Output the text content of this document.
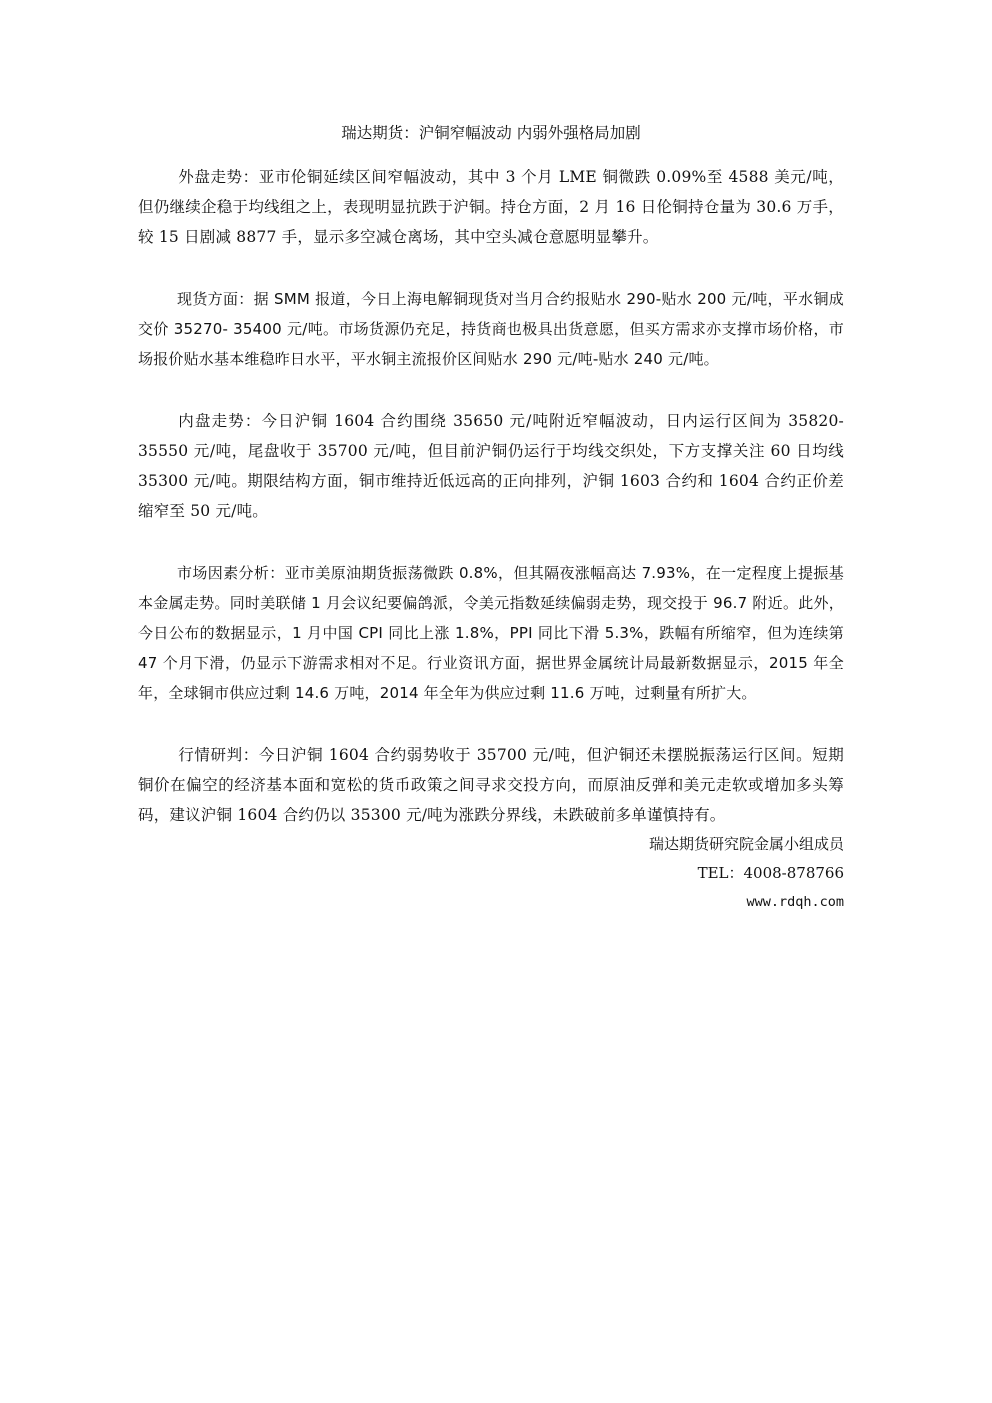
瑞达期货：沪铜窄幅波动 内弱外强格局加剧

外盘走势：亚市伦铜延续区间窄幅波动，其中 3 个月 LME 铜微跌 0.09%至 4588 美元/吨，但仍继续企稳于均线组之上，表现明显抗跌于沪铜。持仓方面，2 月 16 日伦铜持仓量为 30.6 万手，较 15 日剧减 8877 手，显示多空减仓离场，其中空头减仓意愿明显攀升。

现货方面：据 SMM 报道，今日上海电解铜现货对当月合约报贴水 290-贴水 200 元/吨，平水铜成交价 35270- 35400 元/吨。市场货源仍充足，持货商也极具出货意愿，但买方需求亦支撑市场价格，市场报价贴水基本维稳昨日水平，平水铜主流报价区间贴水 290 元/吨-贴水 240 元/吨。

内盘走势：今日沪铜 1604 合约围绕 35650 元/吨附近窄幅波动，日内运行区间为 35820-35550 元/吨，尾盘收于 35700 元/吨，但目前沪铜仍运行于均线交织处，下方支撑关注 60 日均线 35300 元/吨。期限结构方面，铜市维持近低远高的正向排列，沪铜 1603 合约和 1604 合约正价差缩窄至 50 元/吨。

市场因素分析：亚市美原油期货振荡微跌 0.8%，但其隔夜涨幅高达 7.93%，在一定程度上提振基本金属走势。同时美联储 1 月会议纪要偏鸽派，令美元指数延续偏弱走势，现交投于 96.7 附近。此外，今日公布的数据显示，1 月中国 CPI 同比上涨 1.8%，PPI 同比下滑 5.3%，跌幅有所缩窄，但为连续第 47 个月下滑，仍显示下游需求相对不足。行业资讯方面，据世界金属统计局最新数据显示，2015 年全年，全球铜市供应过剩 14.6 万吨，2014 年全年为供应过剩 11.6 万吨，过剩量有所扩大。

行情研判：今日沪铜 1604 合约弱势收于 35700 元/吨，但沪铜还未摆脱振荡运行区间。短期铜价在偏空的经济基本面和宽松的货币政策之间寻求交投方向，而原油反弹和美元走软或增加多头筹码，建议沪铜 1604 合约仍以 35300 元/吨为涨跌分界线，未跌破前多单谨慎持有。

瑞达期货研究院金属小组成员
TEL：4008-878766
www.rdqh.com
